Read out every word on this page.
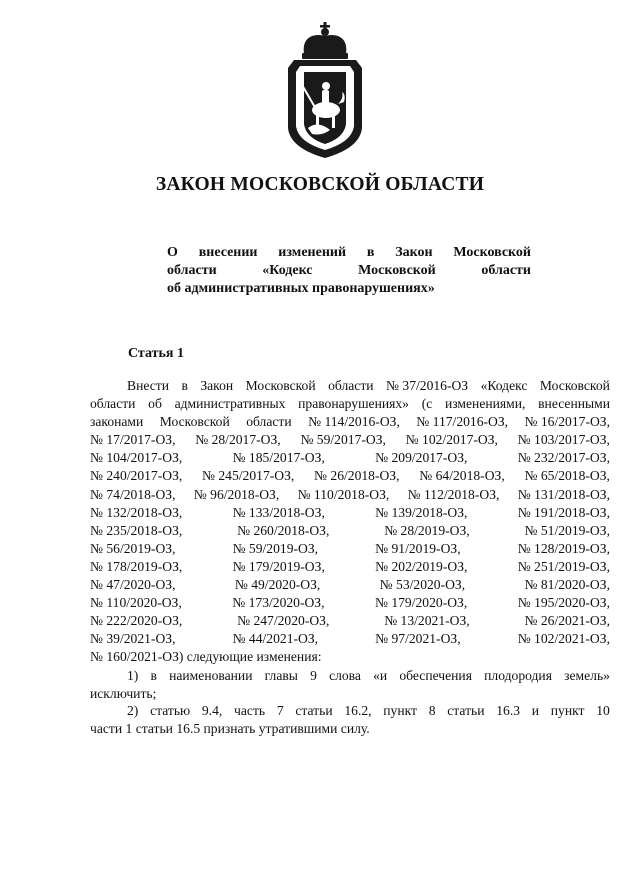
ЗАКОН МОСКОВСКОЙ ОБЛАСТИ
О внесении изменений в Закон Московской
области	«Кодекс	Московской	области
об административных правонарушениях»
Статья 1
Внести в Закон Московской области № 37/2016-ОЗ «Кодекс Московской
области об административных правонарушениях» (с изменениями, внесенными
законами Московской области № 114/2016-ОЗ, № 117/2016-ОЗ, № 16/2017-ОЗ,
№ 17/2017-ОЗ, № 28/2017-ОЗ, № 59/2017-ОЗ, № 102/2017-ОЗ, № 103/2017-ОЗ,
№ 104/2017-ОЗ,	№ 185/2017-ОЗ,	№ 209/2017-ОЗ,	№ 232/2017-ОЗ,
№ 240/2017-ОЗ, № 245/2017-ОЗ, № 26/2018-ОЗ, № 64/2018-ОЗ, № 65/2018-ОЗ,
№ 74/2018-ОЗ, № 96/2018-ОЗ, № 110/2018-ОЗ, № 112/2018-ОЗ, № 131/2018-ОЗ,
№ 132/2018-ОЗ,	№ 133/2018-ОЗ,	№ 139/2018-ОЗ,	№ 191/2018-ОЗ,
№ 235/2018-ОЗ,	№ 260/2018-ОЗ,	№ 28/2019-ОЗ,	№ 51/2019-ОЗ,
№ 56/2019-ОЗ,	№ 59/2019-ОЗ,	№ 91/2019-ОЗ,	№ 128/2019-ОЗ,
№ 178/2019-ОЗ,	№ 179/2019-ОЗ,	№ 202/2019-ОЗ,	№ 251/2019-ОЗ,
№ 47/2020-ОЗ,	№ 49/2020-ОЗ,	№ 53/2020-ОЗ,	№ 81/2020-ОЗ,
№ 110/2020-ОЗ,	№ 173/2020-ОЗ,	№ 179/2020-ОЗ,	№ 195/2020-ОЗ,
№ 222/2020-ОЗ,	№ 247/2020-ОЗ,	№ 13/2021-ОЗ,	№ 26/2021-ОЗ,
№ 39/2021-ОЗ,	№ 44/2021-ОЗ,	№ 97/2021-ОЗ,	№ 102/2021-ОЗ,
№ 160/2021-ОЗ) следующие изменения:
1) в наименовании главы 9 слова «и обеспечения плодородия земель»
исключить;
2) статью 9.4, часть 7 статьи 16.2, пункт 8 статьи 16.3 и пункт 10
части 1 статьи 16.5 признать утратившими силу.
